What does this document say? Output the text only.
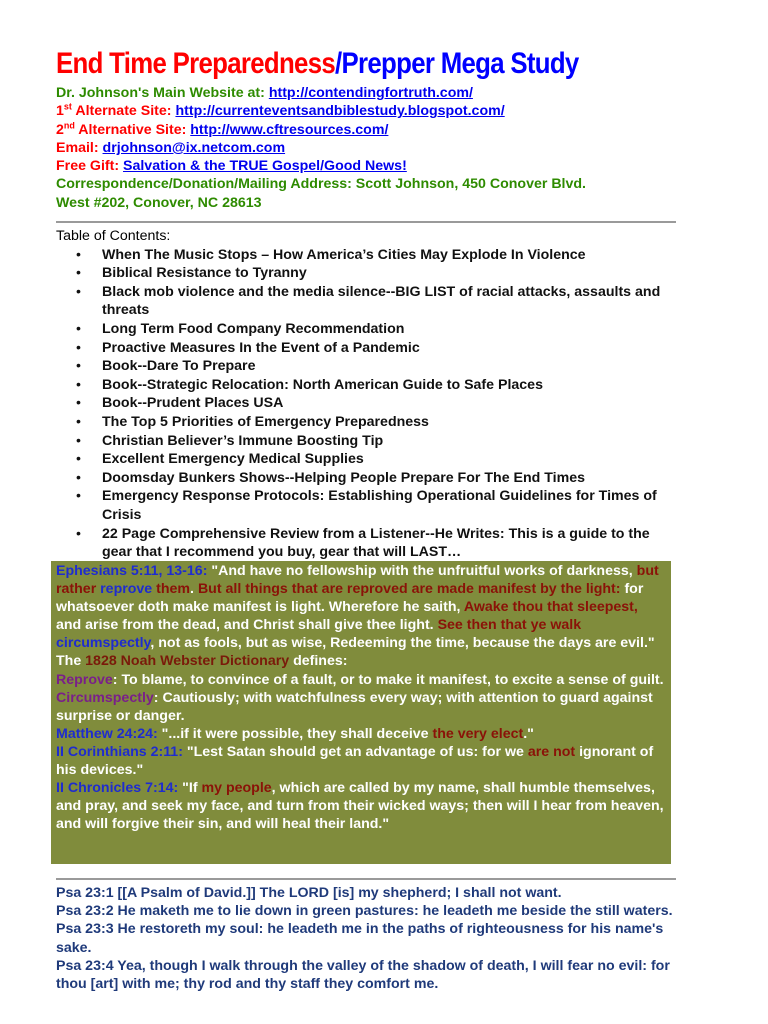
End Time Preparedness/Prepper Mega Study
Dr. Johnson's Main Website at: http://contendingfortruth.com/
1st Alternate Site: http://currenteventsandbiblestudy.blogspot.com/
2nd Alternative Site: http://www.cftresources.com/
Email: drjohnson@ix.netcom.com
Free Gift: Salvation & the TRUE Gospel/Good News!
Correspondence/Donation/Mailing Address: Scott Johnson, 450 Conover Blvd.
West #202, Conover, NC 28613
Table of Contents:
• When The Music Stops – How America’s Cities May Explode In Violence
• Biblical Resistance to Tyranny
• Black mob violence and the media silence--BIG LIST of racial attacks, assaults and threats
• Long Term Food Company Recommendation
• Proactive Measures In the Event of a Pandemic
• Book--Dare To Prepare
• Book--Strategic Relocation: North American Guide to Safe Places
• Book--Prudent Places USA
• The Top 5 Priorities of Emergency Preparedness
• Christian Believer’s Immune Boosting Tip
• Excellent Emergency Medical Supplies
• Doomsday Bunkers Shows--Helping People Prepare For The End Times
• Emergency Response Protocols: Establishing Operational Guidelines for Times of Crisis
• 22 Page Comprehensive Review from a Listener--He Writes: This is a guide to the gear that I recommend you buy, gear that will LAST…
Ephesians 5:11, 13-16: "And have no fellowship with the unfruitful works of darkness, but rather reprove them. But all things that are reproved are made manifest by the light: for whatsoever doth make manifest is light. Wherefore he saith, Awake thou that sleepest, and arise from the dead, and Christ shall give thee light. See then that ye walk circumspectly, not as fools, but as wise, Redeeming the time, because the days are evil."
The 1828 Noah Webster Dictionary defines:
Reprove: To blame, to convince of a fault, or to make it manifest, to excite a sense of guilt.
Circumspectly: Cautiously; with watchfulness every way; with attention to guard against surprise or danger.
Matthew 24:24: "...if it were possible, they shall deceive the very elect."
II Corinthians 2:11: "Lest Satan should get an advantage of us: for we are not ignorant of his devices."
II Chronicles 7:14: "If my people, which are called by my name, shall humble themselves, and pray, and seek my face, and turn from their wicked ways; then will I hear from heaven, and will forgive their sin, and will heal their land."
Psa 23:1 [[A Psalm of David.]] The LORD [is] my shepherd; I shall not want.
Psa 23:2 He maketh me to lie down in green pastures: he leadeth me beside the still waters.
Psa 23:3 He restoreth my soul: he leadeth me in the paths of righteousness for his name's sake.
Psa 23:4 Yea, though I walk through the valley of the shadow of death, I will fear no evil: for thou [art] with me; thy rod and thy staff they comfort me.
